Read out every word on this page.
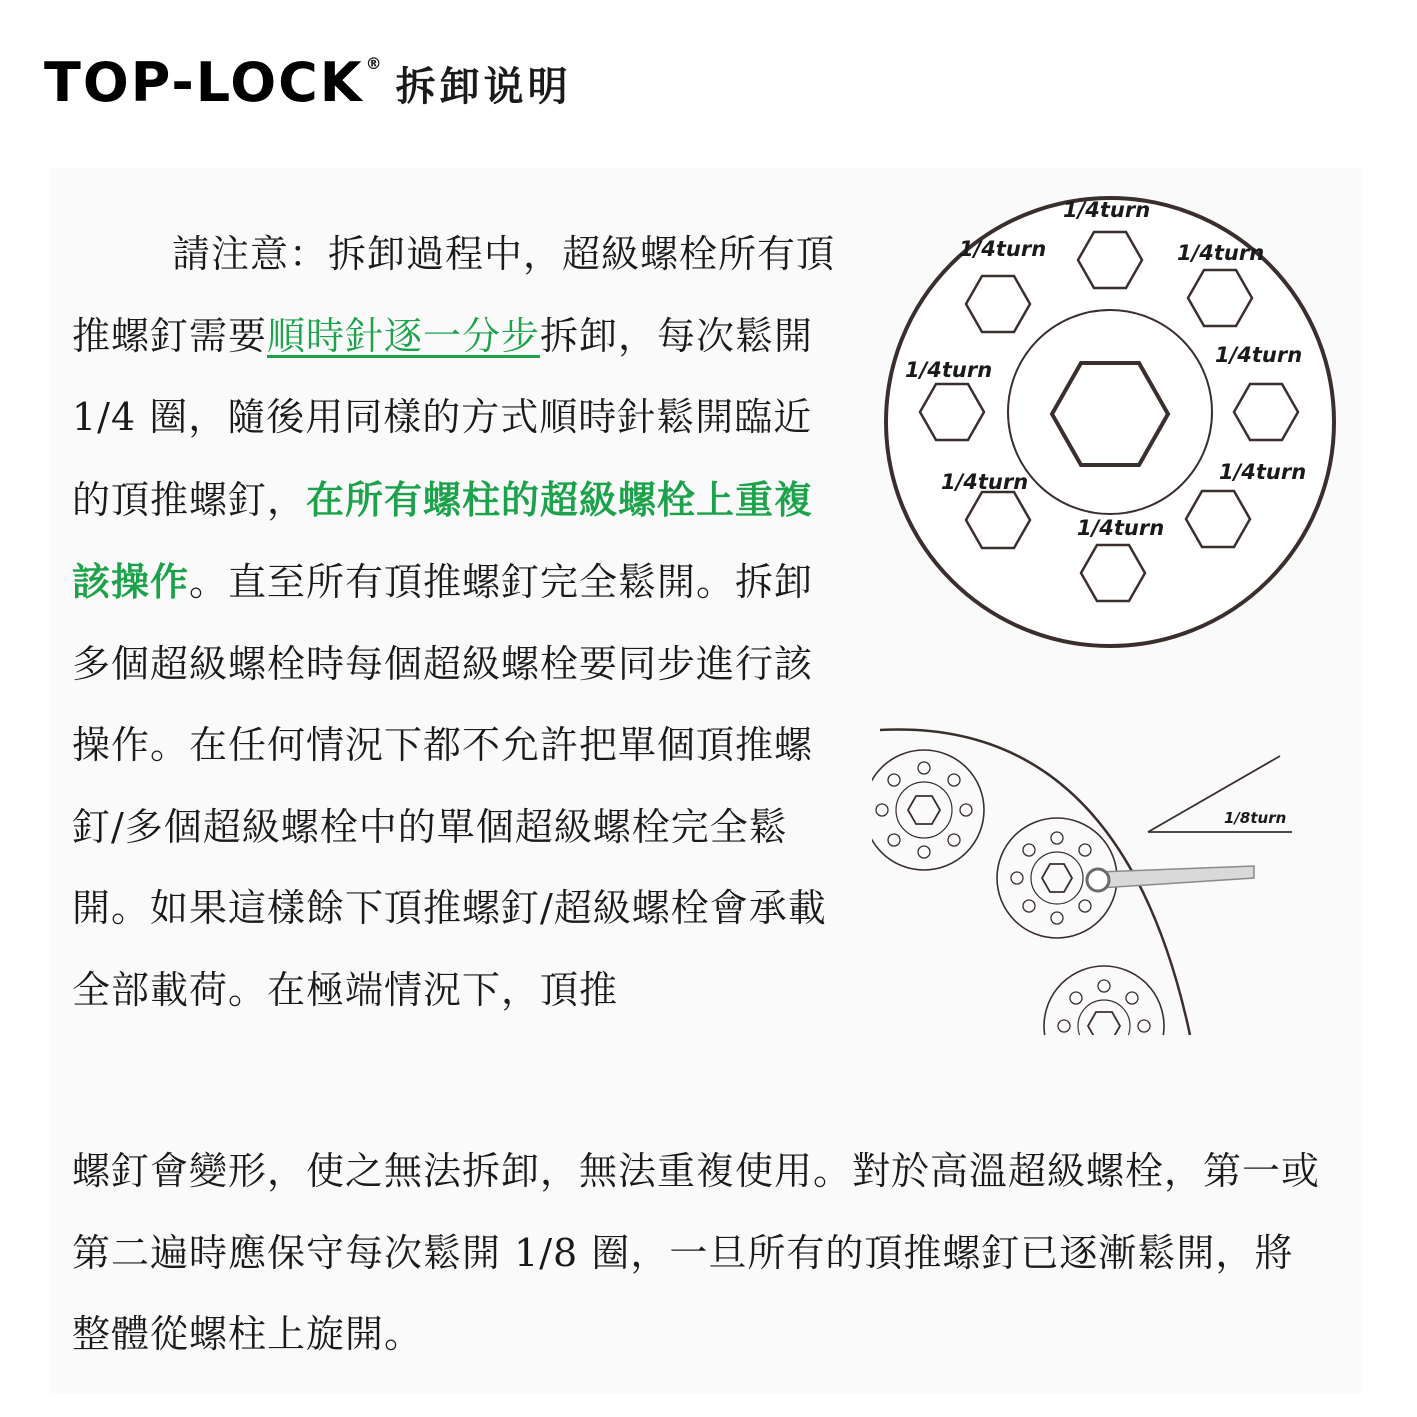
TOP-LOCK ® 拆卸说明

請注意：拆卸過程中，超級螺栓所有頂推螺釘需要順時針逐一分步拆卸，每次鬆開 1/4 圈，隨後用同樣的方式順時針鬆開臨近的頂推螺釘，在所有螺柱的超級螺栓上重複該操作。直至所有頂推螺釘完全鬆開。拆卸多個超級螺栓時每個超級螺栓要同步進行該操作。在任何情況下都不允許把單個頂推螺釘/多個超級螺栓中的單個超級螺栓完全鬆開。如果這樣餘下頂推螺釘/超級螺栓會承載全部載荷。在極端情況下，頂推

螺釘會變形，使之無法拆卸，無法重複使用。對於高溫超級螺栓，第一或第二遍時應保守每次鬆開 1/8 圈，一旦所有的頂推螺釘已逐漸鬆開，將整體從螺柱上旋開。

1/4turn
1/4turn
1/4turn
1/4turn
1/4turn
1/4turn
1/4turn
1/4turn
1/8turn
